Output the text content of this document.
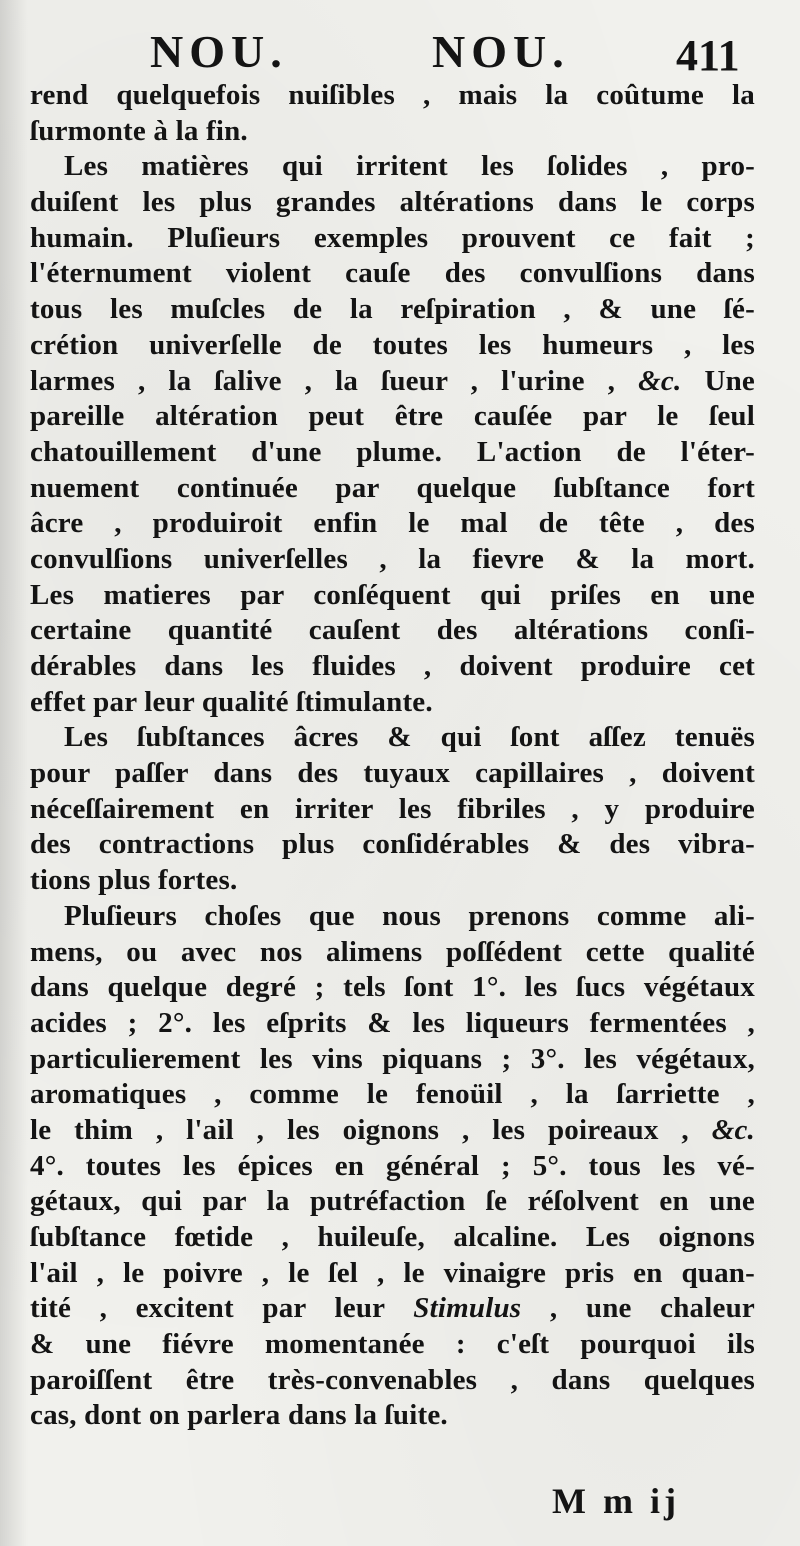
NOU.	NOU. 411
rend quelquefois nuiſibles , mais la coûtume la
ſurmonte à la fin.
Les matières qui irritent les ſolides , pro-
duiſent les plus grandes altérations dans le corps
humain. Pluſieurs exemples prouvent ce fait ;
l'éternument violent cauſe des convulſions dans
tous les muſcles de la reſpiration , & une ſé-
crétion univerſelle de toutes les humeurs , les
larmes , la ſalive , la ſueur , l'urine , &c. Une
pareille altération peut être cauſée par le ſeul
chatouillement d'une plume. L'action de l'éter-
nuement continuée par quelque ſubſtance fort
âcre , produiroit enfin le mal de tête , des
convulſions univerſelles , la fievre & la mort.
Les matieres par conſéquent qui priſes en une
certaine quantité cauſent des altérations conſi-
dérables dans les fluides , doivent produire cet
effet par leur qualité ſtimulante.
Les ſubſtances âcres & qui ſont aſſez tenuës
pour paſſer dans des tuyaux capillaires , doivent
néceſſairement en irriter les fibriles , y produire
des contractions plus conſidérables & des vibra-
tions plus fortes.
Pluſieurs choſes que nous prenons comme ali-
mens, ou avec nos alimens poſſédent cette qualité
dans quelque degré ; tels ſont 1°. les ſucs végétaux
acides ; 2°. les eſprits & les liqueurs fermentées ,
particulierement les vins piquans ; 3°. les végétaux,
aromatiques , comme le fenoüil , la ſarriette ,
le thim , l'ail , les oignons , les poireaux , &c.
4°. toutes les épices en général ; 5°. tous les vé-
gétaux, qui par la putréfaction ſe réſolvent en une
ſubſtance fœtide , huileuſe, alcaline. Les oignons
l'ail , le poivre , le ſel , le vinaigre pris en quan-
tité , excitent par leur Stimulus , une chaleur
& une fiévre momentanée : c'eſt pourquoi ils
paroiſſent être très-convenables , dans quelques
cas, dont on parlera dans la ſuite.
M m ij
